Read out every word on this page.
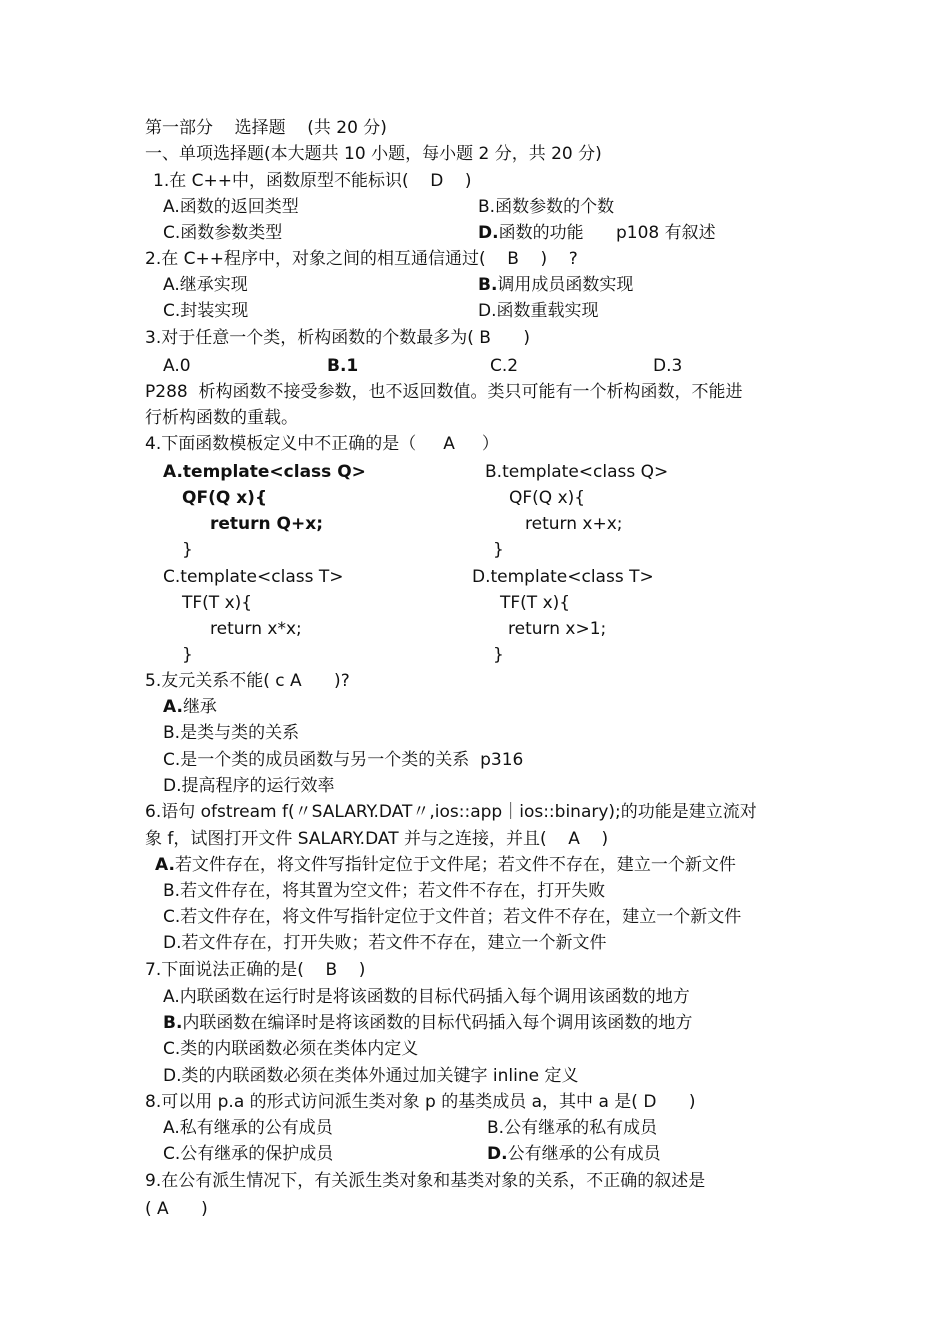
第一部分    选择题    (共 20 分)

一、单项选择题(本大题共 10 小题，每小题 2 分，共 20 分)

1.在 C++中，函数原型不能标识(    D    )

A.函数的返回类型	B.函数参数的个数

C.函数参数类型	D.函数的功能      p108 有叙述

2.在 C++程序中，对象之间的相互通信通过(    B    )    ?

A.继承实现	B.调用成员函数实现

C.封装实现	D.函数重载实现

3.对于任意一个类，析构函数的个数最多为( B      )

A.0	B.1	C.2	D.3

P288  析构函数不接受参数，也不返回数值。类只可能有一个析构函数，不能进

行析构函数的重载。

4.下面函数模板定义中不正确的是（     A     ）

A.template<class Q>

QF(Q x){

return Q+x;

}

B.template<class Q>

QF(Q x){

return x+x;

}

C.template<class T>

TF(T x){

return x*x;

}

D.template<class T>

TF(T x){

return x>1;

}

5.友元关系不能( c A      )?

A.继承

B.是类与类的关系

C.是一个类的成员函数与另一个类的关系  p316

D.提高程序的运行效率

6.语句 ofstream f(〃SALARY.DAT〃,ios::app｜ios::binary);的功能是建立流对

象 f，试图打开文件 SALARY.DAT 并与之连接，并且(    A    )

A.若文件存在，将文件写指针定位于文件尾；若文件不存在，建立一个新文件

B.若文件存在，将其置为空文件；若文件不存在，打开失败

C.若文件存在，将文件写指针定位于文件首；若文件不存在，建立一个新文件

D.若文件存在，打开失败；若文件不存在，建立一个新文件

7.下面说法正确的是(    B    )

A.内联函数在运行时是将该函数的目标代码插入每个调用该函数的地方

B.内联函数在编译时是将该函数的目标代码插入每个调用该函数的地方

C.类的内联函数必须在类体内定义

D.类的内联函数必须在类体外通过加关键字 inline 定义

8.可以用 p.a 的形式访问派生类对象 p 的基类成员 a，其中 a 是( D      )

A.私有继承的公有成员	B.公有继承的私有成员

C.公有继承的保护成员	D.公有继承的公有成员

9.在公有派生情况下，有关派生类对象和基类对象的关系，不正确的叙述是

( A      )
